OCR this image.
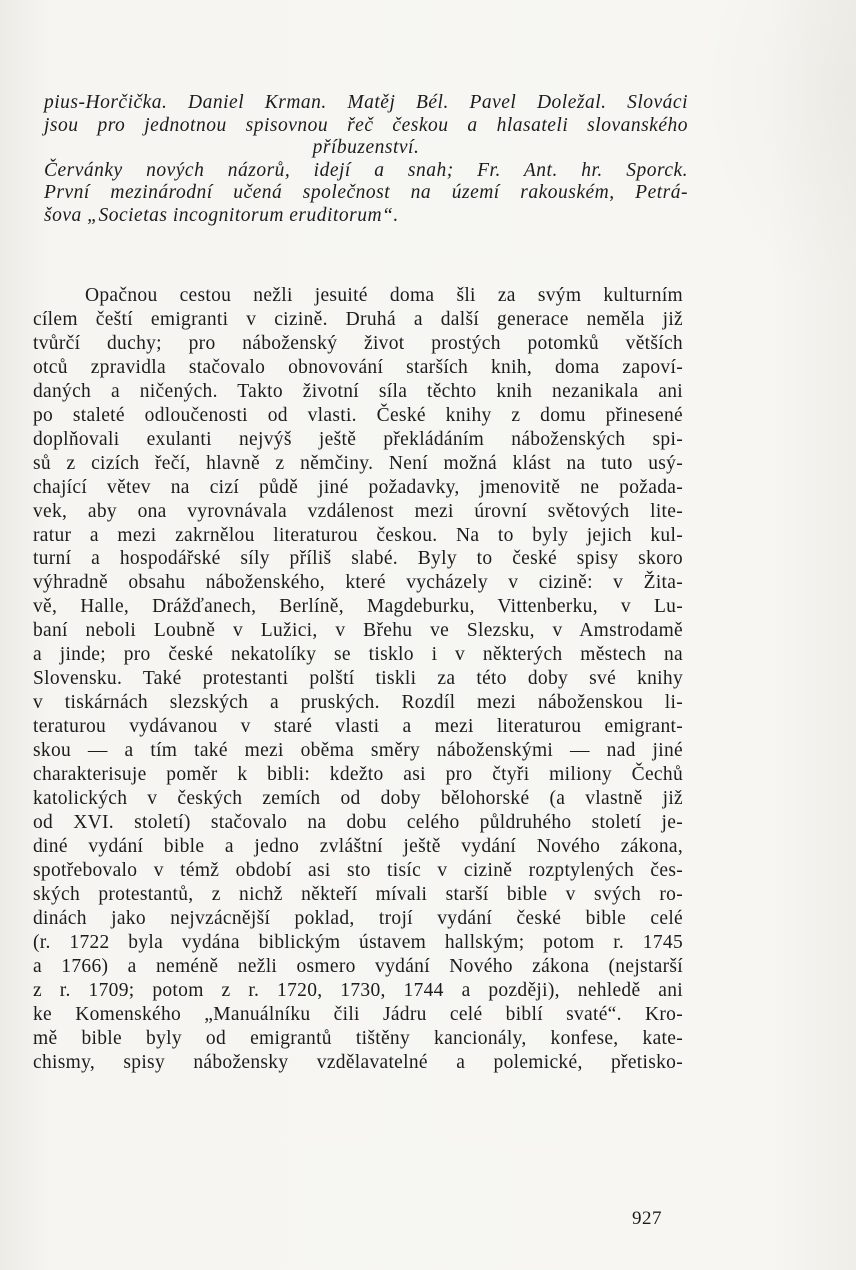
pius-Horčička. Daniel Krman. Matěj Bél. Pavel Doležal. Slováci
jsou pro jednotnou spisovnou řeč českou a hlasateli slovanského
příbuzenství.
Červánky nových názorů, idejí a snah; Fr. Ant. hr. Sporck.
První mezinárodní učená společnost na území rakouském, Petrá-
šova „Societas incognitorum eruditorum“.
Opačnou cestou nežli jesuité doma šli za svým kulturním
cílem čeští emigranti v cizině. Druhá a další generace neměla již
tvůrčí duchy; pro náboženský život prostých potomků větších
otců zpravidla stačovalo obnovování starších knih, doma zapoví-
daných a ničených. Takto životní síla těchto knih nezanikala ani
po staleté odloučenosti od vlasti. České knihy z domu přinesené
doplňovali exulanti nejvýš ještě překládáním náboženských spi-
sů z cizích řečí, hlavně z němčiny. Není možná klást na tuto usý-
chající větev na cizí půdě jiné požadavky, jmenovitě ne požada-
vek, aby ona vyrovnávala vzdálenost mezi úrovní světových lite-
ratur a mezi zakrnělou literaturou českou. Na to byly jejich kul-
turní a hospodářské síly příliš slabé. Byly to české spisy skoro
výhradně obsahu náboženského, které vycházely v cizině: v Žita-
vě, Halle, Drážďanech, Berlíně, Magdeburku, Vittenberku, v Lu-
baní neboli Loubně v Lužici, v Břehu ve Slezsku, v Amstrodamě
a jinde; pro české nekatolíky se tisklo i v některých městech na
Slovensku. Také protestanti polští tiskli za této doby své knihy
v tiskárnách slezských a pruských. Rozdíl mezi náboženskou li-
teraturou vydávanou v staré vlasti a mezi literaturou emigrant-
skou — a tím také mezi oběma směry náboženskými — nad jiné
charakterisuje poměr k bibli: kdežto asi pro čtyři miliony Čechů
katolických v českých zemích od doby bělohorské (a vlastně již
od XVI. století) stačovalo na dobu celého půldruhého století je-
diné vydání bible a jedno zvláštní ještě vydání Nového zákona,
spotřebovalo v témž období asi sto tisíc v cizině rozptylených čes-
ských protestantů, z nichž někteří mívali starší bible v svých ro-
dinách jako nejvzácnější poklad, trojí vydání české bible celé
(r. 1722 byla vydána biblickým ústavem hallským; potom r. 1745
a 1766) a neméně nežli osmero vydání Nového zákona (nejstarší
z r. 1709; potom z r. 1720, 1730, 1744 a později), nehledě ani
ke Komenského „Manuálníku čili Jádru celé biblí svaté“. Kro-
mě bible byly od emigrantů tištěny kancionály, konfese, kate-
chismy, spisy nábožensky vzdělavatelné a polemické, přetisko-
927
